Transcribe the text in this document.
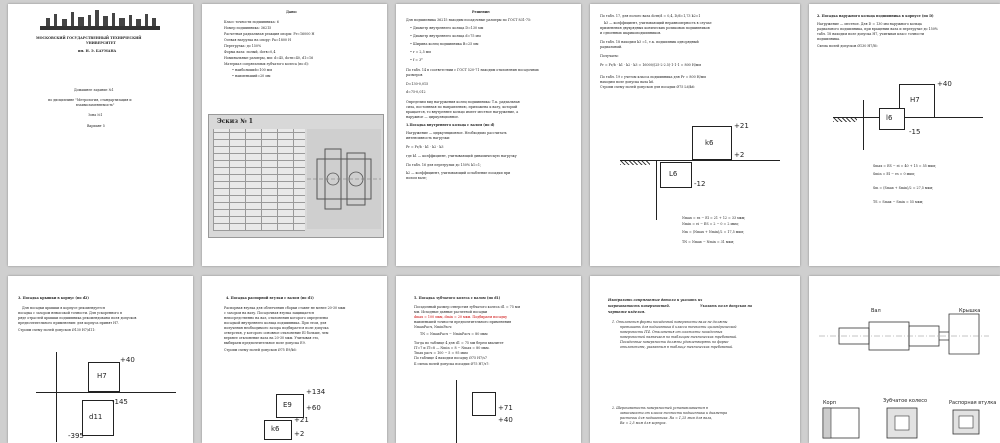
МОСКОВСКИЙ ГОСУДАРСТВЕННЫЙ ТЕХНИЧЕСКИЙ
УНИВЕРСИТЕТ
им. Н. Э. БАУМАНА
Домашнее задание №1
по дисциплине "Метрология, стандартизация и
взаимозаменяемость"
Зона №1
Вариант 5
Дано:
Класс точности подшипника: 6
Номер подшипника: 36215
Расчетная радиальная реакция опоры: Fr=16000 Н
Осевая нагрузка на опору: Fa=1800 Н
Перегрузка: до 150%
Форма вала: полый, dотв=0,4
Номинальные размеры, мм: d=45, dотв=40, d1=16
Материал сопрягаемых зубчатого колеса (по d):
• наибольший=100 мм
• наименьший=20 мм
Эскиз № 1
Решение:
Для подшипника 36215 находим посадочные размеры по ГОСТ 831-75:
• Диаметр внутреннего кольца D=130 мм
• Диаметр внутреннего кольца d=75 мм
• Ширина колец подшипника B=25 мм
• r = 2,5 мм
• f = 3°
По табл. 14 в соответствии с ГОСТ 520-71 находим отклонения посадочных
размеров
D=130-0,015
d=75-0,012
Определим вид нагружения колец подшипника: Т.к. радиальная
сила, постоянная по направлению, приложена к валу, который
вращается, то внутреннее кольцо имеет местное нагружение, а
наружное — циркуляционное.
1.Посадка внутреннего кольца с валом (по d)
Нагружение — циркуляционное. Необходимо рассчитать
интенсивность нагрузки:
Pr = Fr/b · k1 · k2 · k3
где k1 — коэффициент, учитывающий динамическую нагрузку
По табл. 16 для перегрузки до 150% k1=1;
k2 — коэффициент, учитывающий ослабление посадки при
полом вале;
По табл. 17, для полого вала dотв/d = 0,4, D/d=1,73 k2=1
k3 — коэффициент, учитывающий неравномерность в случае
применения двухрядных конических роликовых подшипников
и сдвоенных шарикоподшипников.
По табл. 18 находим k3 =1, т.к. подшипник однорядный
радиальный.
Получаем:
Pr = Fr/b · k1 · k2 · k3 = 16000/(25-2·2.5)·1·1·1 = 800 Н/мм
По табл. 19 с учетом класса подшипника для Pr = 800 Н/мм
находим поле допуска вала k6.
Строим схему полей допусков для посадки Ø75 L6/k6:
k6
L6
+21
+2
-12
Nmax = es − EI = 21 + 12 = 33 мкм;
Nmin = ei − ES = 2 − 0 = 2 мкм;
Nm = (Nmax + Nmin)/2 = 17,5 мкм;
TN = Nmax − Nmin = 31 мкм;
2. Посадка наружного кольца подшипника в корпусе (по D)
Нагружение — местное. Для D = 130 мм наружного кольца
радиального подшипника, при вращении вала и перегрузке до 150%
табл. 18 находим поле допуска H7, учитывая класс точности
подшипника.
Схема полей допусков Ø130 H7/l6:
H7
l6
+40
-15
Smax = ES − ei = 40 + 15 = 55 мкм;
Smin = EI − es = 0 мкм;
Sm = (Smax + Smin)/2 = 27,5 мкм;
TS = Smax − Smin = 55 мкм;
3. Посадка крышки в корпус (по d2)
Для посадки крышки в корпусе рекомендуется
посадка с зазором невысокой точности. Для ускоренного в
ряде отраслей крышки подшипника рекомендованы поля допусков
предпочтительного применения: для корпуса принят H7.
Строим схему полей допусков Ø130 H7/d11:
H7
d11
+40
-145
-395
4. Посадка распорной втулки с валом (по d1)
Распорная втулка для облегчения сборки ставят не менее 20-30 мкм
с зазором на валу. Посадочная втулка защищается
непосредственно на вал, отклонения которого определены
посадкой внутреннего кольца подшипника. При этом, для
получения необходимого зазора подбирается поле допуска
отверстия, у которого основное отклонение EI больше, чем
верхнее отклонение вала на 20-30 мкм. Учитывая это,
выбираем предпочтительное поле допуска E9.
Строим схему полей допусков Ø75 E9/k6:
E9
k6
+134
+60
+21
+2
5. Посадка зубчатого колеса с валом (по d1)
Посадочный размер отверстия зубчатого колеса d1 = 75 мм
мм. Исходные данные расчетной посадки
dmax = 100 мкм, dmin = 20 мкм. Подбираем посадку
наименьшей точности предпочтительного применения
NmaxРасч, NminРасч
TN = NmaxРасч − NminРасч = 80 мкм
Тогда по таблице 4 для d1 = 75 мм берем квалитет
IT=7 и IT=8 — Nmin = 8 − Nmax = 80 мкм.
Тmax расч = 100 − 5 = 95 мкм
По таблице 4 находим посадку Ø75 H7/s7
Б схема полей допуска посадки Ø75 H7/s7:
+71
+40
Изобразить сопрягаемые детали и указать их
шероховатость поверхностей.	Указать поля допусков на
чертеже изделия.
1. Отклонения формы посадочной поверхности вала не должны
превышать для подшипника 6 класса точности цилиндрической
поверхности IT4. Отклонения от соосности посадочных
поверхностей назначаем по таблицам технических требований.
Посадочные поверхности должны удовлетворять по форме
отклонениям, указанным в таблице технических требований.
2. Шероховатость поверхностей устанавливается в
зависимости от класса точности подшипника и диаметра
расточки для подшипника. Ra = 1,25 мкм для вала,
Ra = 2,5 мкм для корпуса.
Вал	Крышка
Корп	Зубчатое колесо	Распорная втулка
